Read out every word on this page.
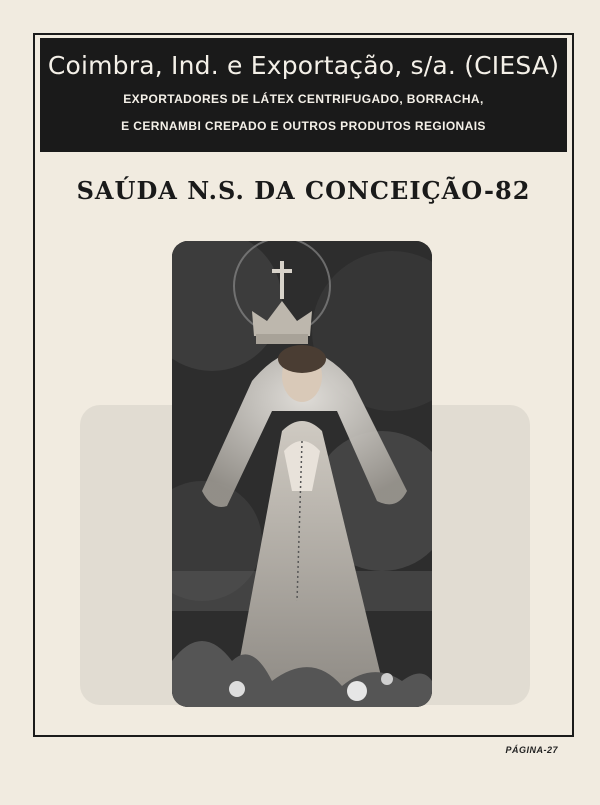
Coimbra, Ind. e Exportação, s/a. (CIESA)
EXPORTADORES DE LÁTEX CENTRIFUGADO, BORRACHA,
E CERNAMBI CREPADO E OUTROS PRODUTOS REGIONAIS
SAÚDA N.S. DA CONCEIÇÃO-82
PÁGINA-27
